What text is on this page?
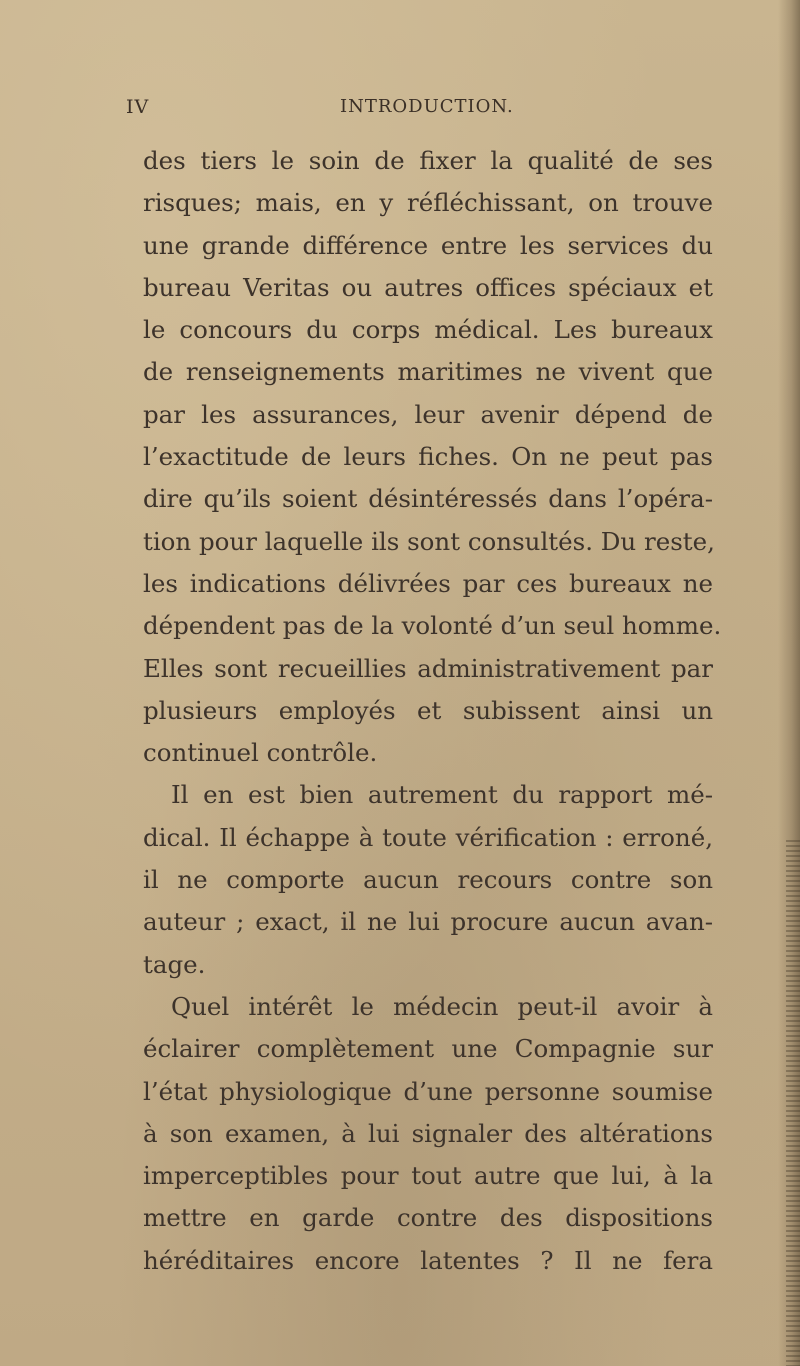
IV	INTRODUCTION.
des tiers le soin de fixer la qualité de ses
risques; mais, en y réfléchissant, on trouve
une grande différence entre les services du
bureau Veritas ou autres offices spéciaux et
le concours du corps médical. Les bureaux
de renseignements maritimes ne vivent que
par les assurances, leur avenir dépend de
l’exactitude de leurs fiches. On ne peut pas
dire qu’ils soient désintéressés dans l’opéra-
tion pour laquelle ils sont consultés. Du reste,
les indications délivrées par ces bureaux ne
dépendent pas de la volonté d’un seul homme.
Elles sont recueillies administrativement par
plusieurs employés et subissent ainsi un
continuel contrôle.
Il en est bien autrement du rapport mé-
dical. Il échappe à toute vérification : erroné,
il ne comporte aucun recours contre son
auteur ; exact, il ne lui procure aucun avan-
tage.
Quel intérêt le médecin peut-il avoir à
éclairer complètement une Compagnie sur
l’état physiologique d’une personne soumise
à son examen, à lui signaler des altérations
imperceptibles pour tout autre que lui, à la
mettre en garde contre des dispositions
héréditaires encore latentes ? Il ne fera
